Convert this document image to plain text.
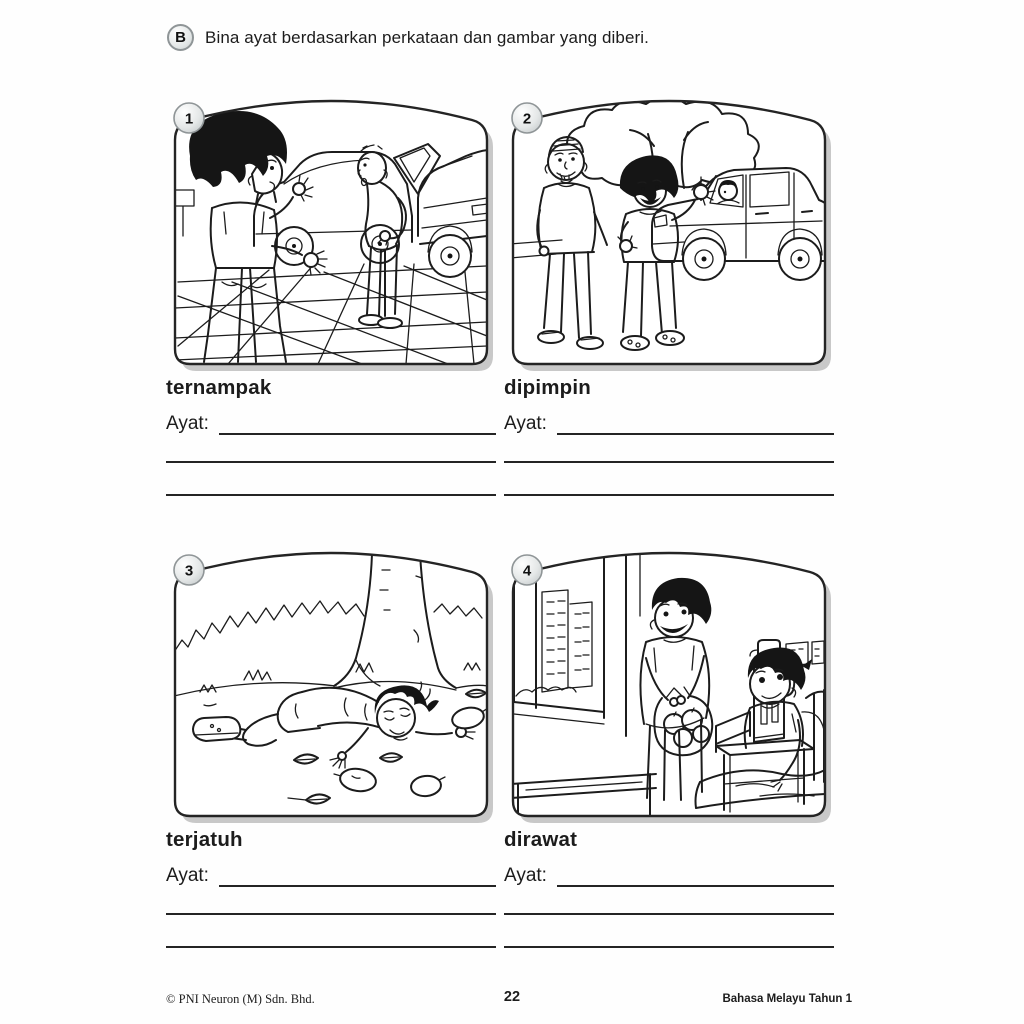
B	Bina ayat berdasarkan perkataan dan gambar yang diberi.
1
ternampak
Ayat:
2
dipimpin
Ayat:
3
terjatuh
Ayat:
4
dirawat
Ayat:
© PNI Neuron (M) Sdn. Bhd.	22	Bahasa Melayu Tahun 1
